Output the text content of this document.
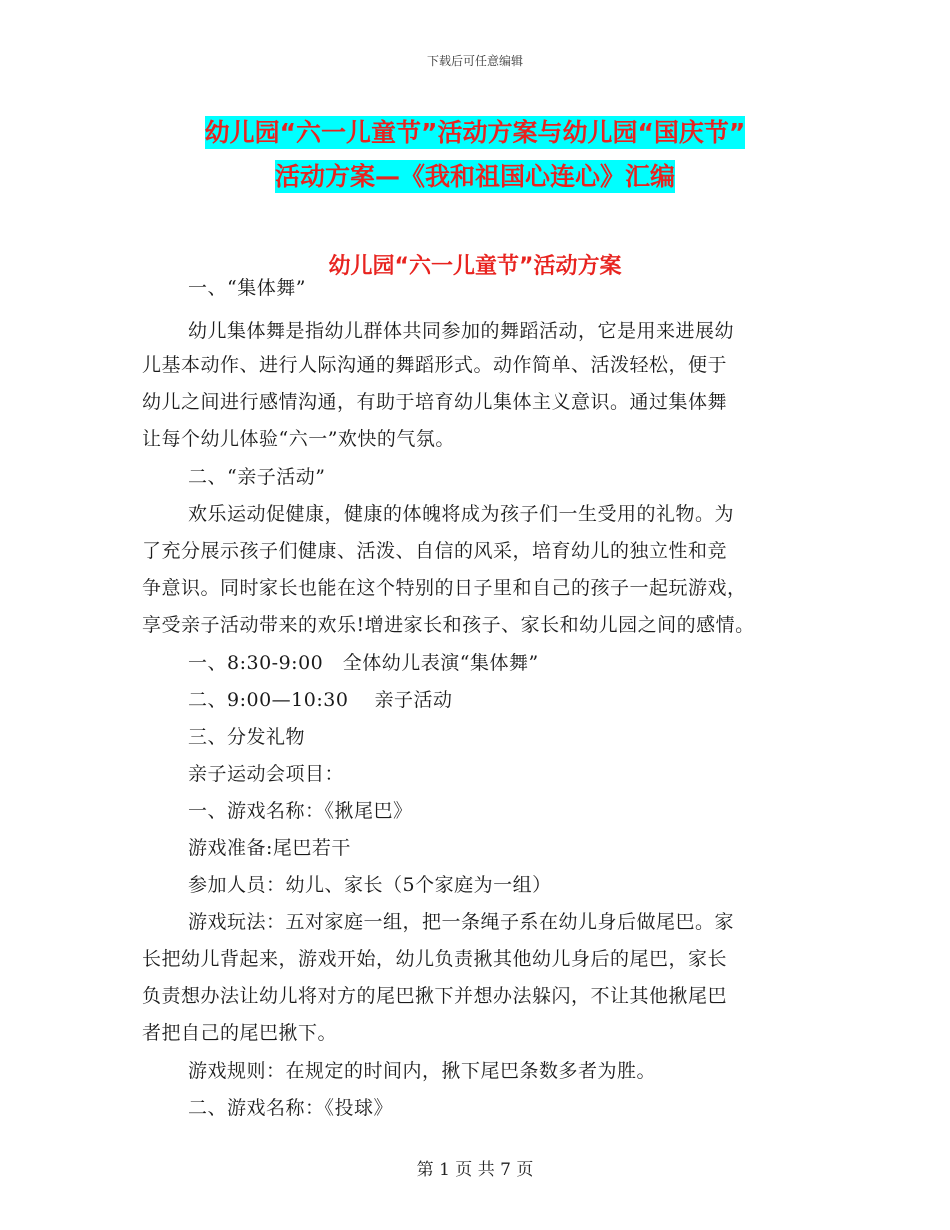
下载后可任意编辑
幼儿园“六一儿童节”活动方案与幼儿园“国庆节”
活动方案—《我和祖国心连心》汇编
幼儿园“六一儿童节”活动方案
一、“集体舞”
幼儿集体舞是指幼儿群体共同参加的舞蹈活动，它是用来进展幼
儿基本动作、进行人际沟通的舞蹈形式。动作简单、活泼轻松，便于
幼儿之间进行感情沟通，有助于培育幼儿集体主义意识。通过集体舞
让每个幼儿体验“六一”欢快的气氛。
二、“亲子活动”
欢乐运动促健康，健康的体魄将成为孩子们一生受用的礼物。为
了充分展示孩子们健康、活泼、自信的风采，培育幼儿的独立性和竞
争意识。同时家长也能在这个特别的日子里和自己的孩子一起玩游戏，
享受亲子活动带来的欢乐!增进家长和孩子、家长和幼儿园之间的感情。
一、8:30-9:00　全体幼儿表演“集体舞”
二、9:00—10:30　 亲子活动
三、分发礼物
亲子运动会项目：
一、游戏名称：《揪尾巴》
游戏准备:尾巴若干
参加人员：幼儿、家长（5个家庭为一组）
游戏玩法：五对家庭一组，把一条绳子系在幼儿身后做尾巴。家
长把幼儿背起来，游戏开始，幼儿负责揪其他幼儿身后的尾巴，家长
负责想办法让幼儿将对方的尾巴揪下并想办法躲闪，不让其他揪尾巴
者把自己的尾巴揪下。
游戏规则：在规定的时间内，揪下尾巴条数多者为胜。
二、游戏名称：《投球》
第 1 页 共 7 页
